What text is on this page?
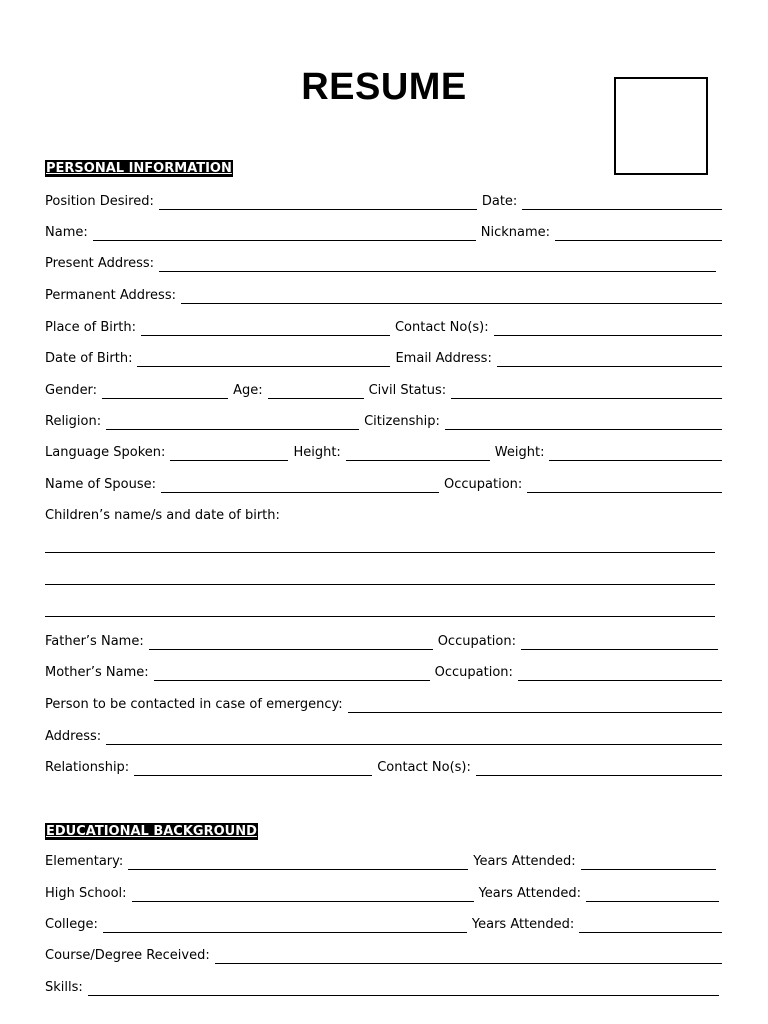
RESUME
PERSONAL INFORMATION
Position Desired:	Date:
Name:	Nickname:
Present Address:
Permanent Address:
Place of Birth:	Contact No(s):
Date of Birth:	Email Address:
Gender:	Age:	Civil Status:
Religion:	Citizenship:
Language Spoken:	Height:	Weight:
Name of Spouse:	Occupation:
Children’s name/s and date of birth:
Father’s Name:	Occupation:
Mother’s Name:	Occupation:
Person to be contacted in case of emergency:
Address:
Relationship:	Contact No(s):
EDUCATIONAL BACKGROUND
Elementary:	Years Attended:
High School:	Years Attended:
College:	Years Attended:
Course/Degree Received:
Skills:
